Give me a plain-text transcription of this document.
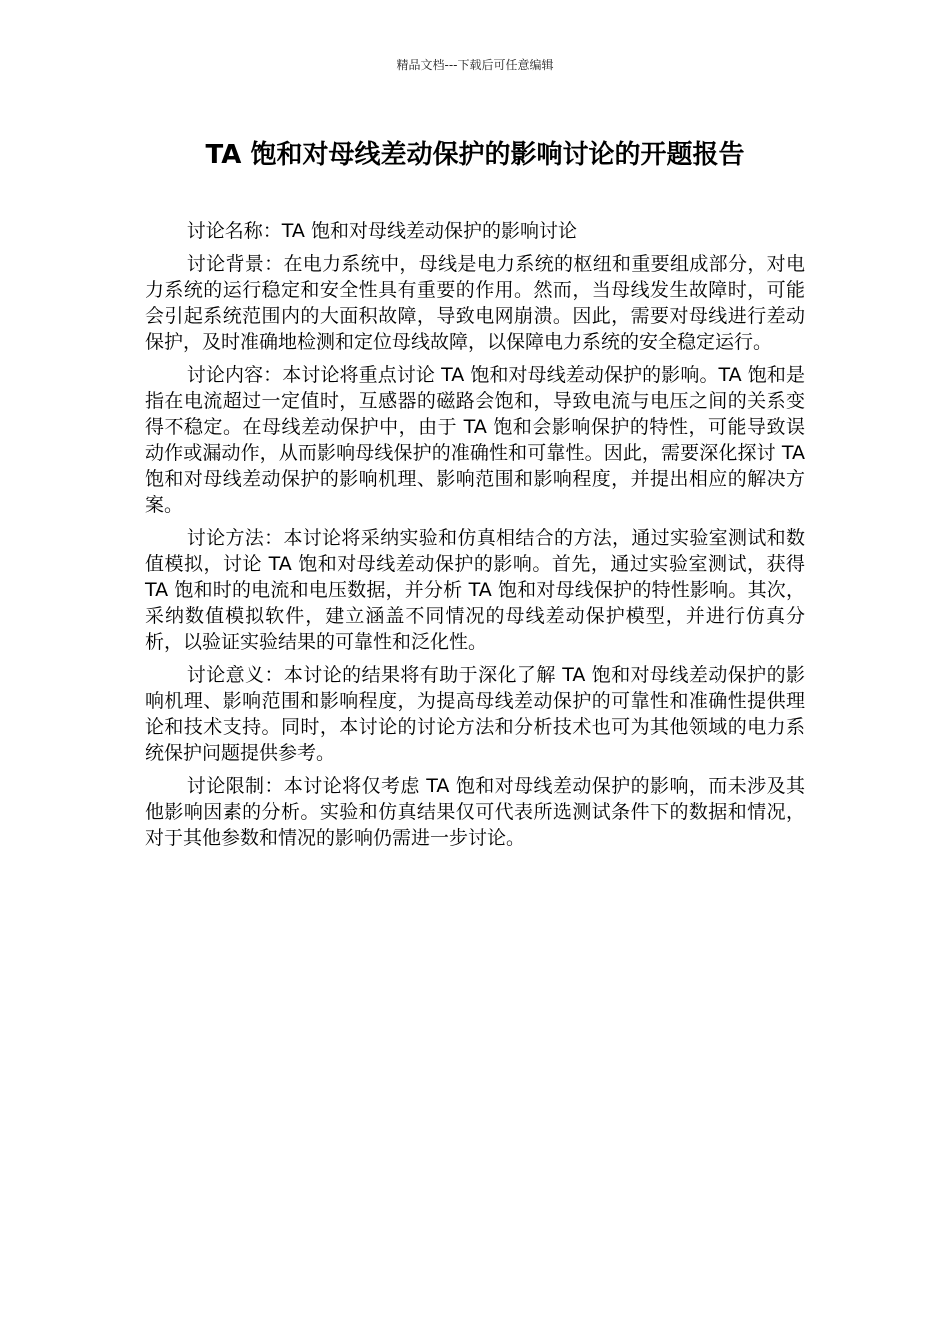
精品文档---下载后可任意编辑
TA 饱和对母线差动保护的影响讨论的开题报告

讨论名称：TA 饱和对母线差动保护的影响讨论

讨论背景：在电力系统中，母线是电力系统的枢纽和重要组成部分，对电力系统的运行稳定和安全性具有重要的作用。然而，当母线发生故障时，可能会引起系统范围内的大面积故障，导致电网崩溃。因此，需要对母线进行差动保护，及时准确地检测和定位母线故障，以保障电力系统的安全稳定运行。

讨论内容：本讨论将重点讨论 TA 饱和对母线差动保护的影响。TA 饱和是指在电流超过一定值时，互感器的磁路会饱和，导致电流与电压之间的关系变得不稳定。在母线差动保护中，由于 TA 饱和会影响保护的特性，可能导致误动作或漏动作，从而影响母线保护的准确性和可靠性。因此，需要深化探讨 TA 饱和对母线差动保护的影响机理、影响范围和影响程度，并提出相应的解决方案。

讨论方法：本讨论将采纳实验和仿真相结合的方法，通过实验室测试和数值模拟，讨论 TA 饱和对母线差动保护的影响。首先，通过实验室测试，获得 TA 饱和时的电流和电压数据，并分析 TA 饱和对母线保护的特性影响。其次，采纳数值模拟软件，建立涵盖不同情况的母线差动保护模型，并进行仿真分析，以验证实验结果的可靠性和泛化性。

讨论意义：本讨论的结果将有助于深化了解 TA 饱和对母线差动保护的影响机理、影响范围和影响程度，为提高母线差动保护的可靠性和准确性提供理论和技术支持。同时，本讨论的讨论方法和分析技术也可为其他领域的电力系统保护问题提供参考。

讨论限制：本讨论将仅考虑 TA 饱和对母线差动保护的影响，而未涉及其他影响因素的分析。实验和仿真结果仅可代表所选测试条件下的数据和情况，对于其他参数和情况的影响仍需进一步讨论。
